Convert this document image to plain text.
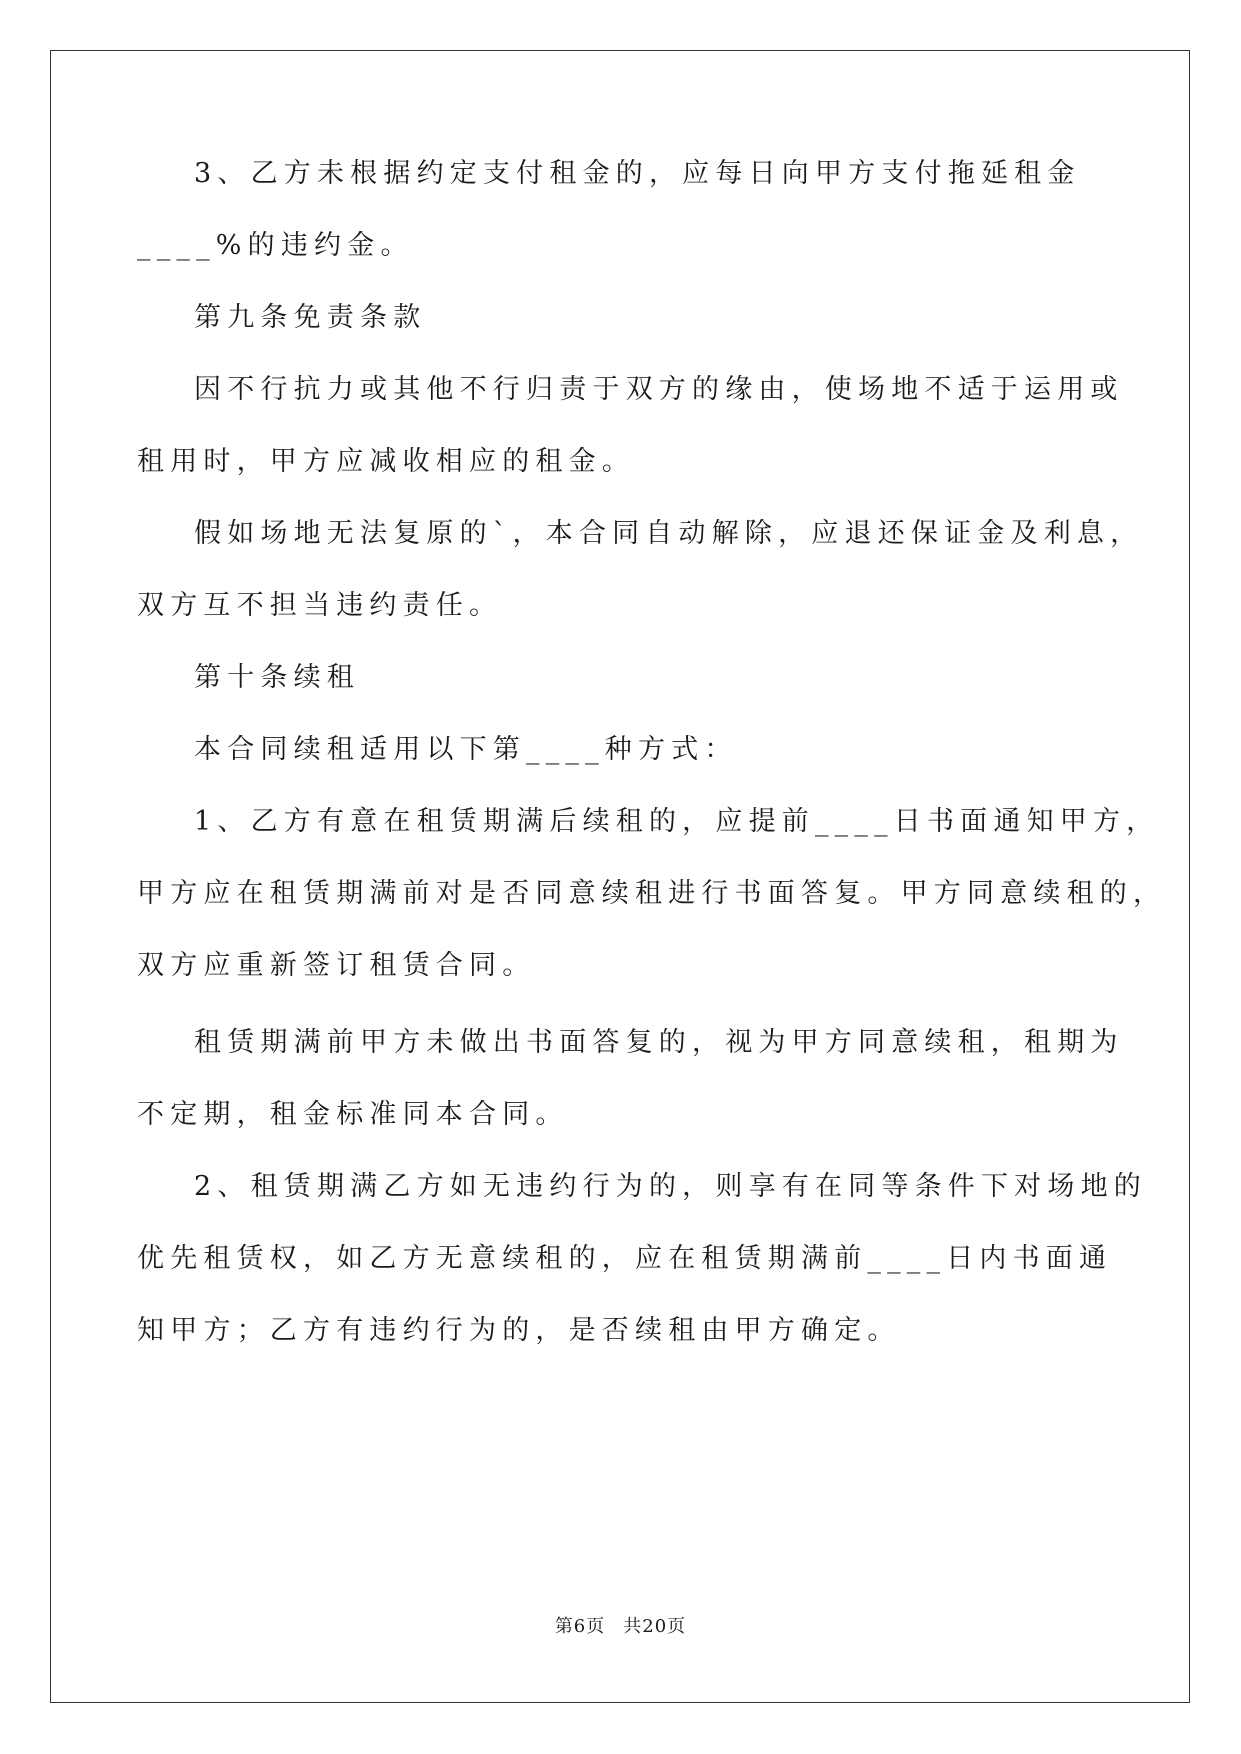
3、乙方未根据约定支付租金的，应每日向甲方支付拖延租金
____%的违约金。
第九条免责条款
因不行抗力或其他不行归责于双方的缘由，使场地不适于运用或
租用时，甲方应减收相应的租金。
假如场地无法复原的`，本合同自动解除，应退还保证金及利息，
双方互不担当违约责任。
第十条续租
本合同续租适用以下第____种方式：
1、乙方有意在租赁期满后续租的，应提前____日书面通知甲方，
甲方应在租赁期满前对是否同意续租进行书面答复。甲方同意续租的，
双方应重新签订租赁合同。
租赁期满前甲方未做出书面答复的，视为甲方同意续租，租期为
不定期，租金标准同本合同。
2、租赁期满乙方如无违约行为的，则享有在同等条件下对场地的
优先租赁权，如乙方无意续租的，应在租赁期满前____日内书面通
知甲方；乙方有违约行为的，是否续租由甲方确定。
第6页 共20页
